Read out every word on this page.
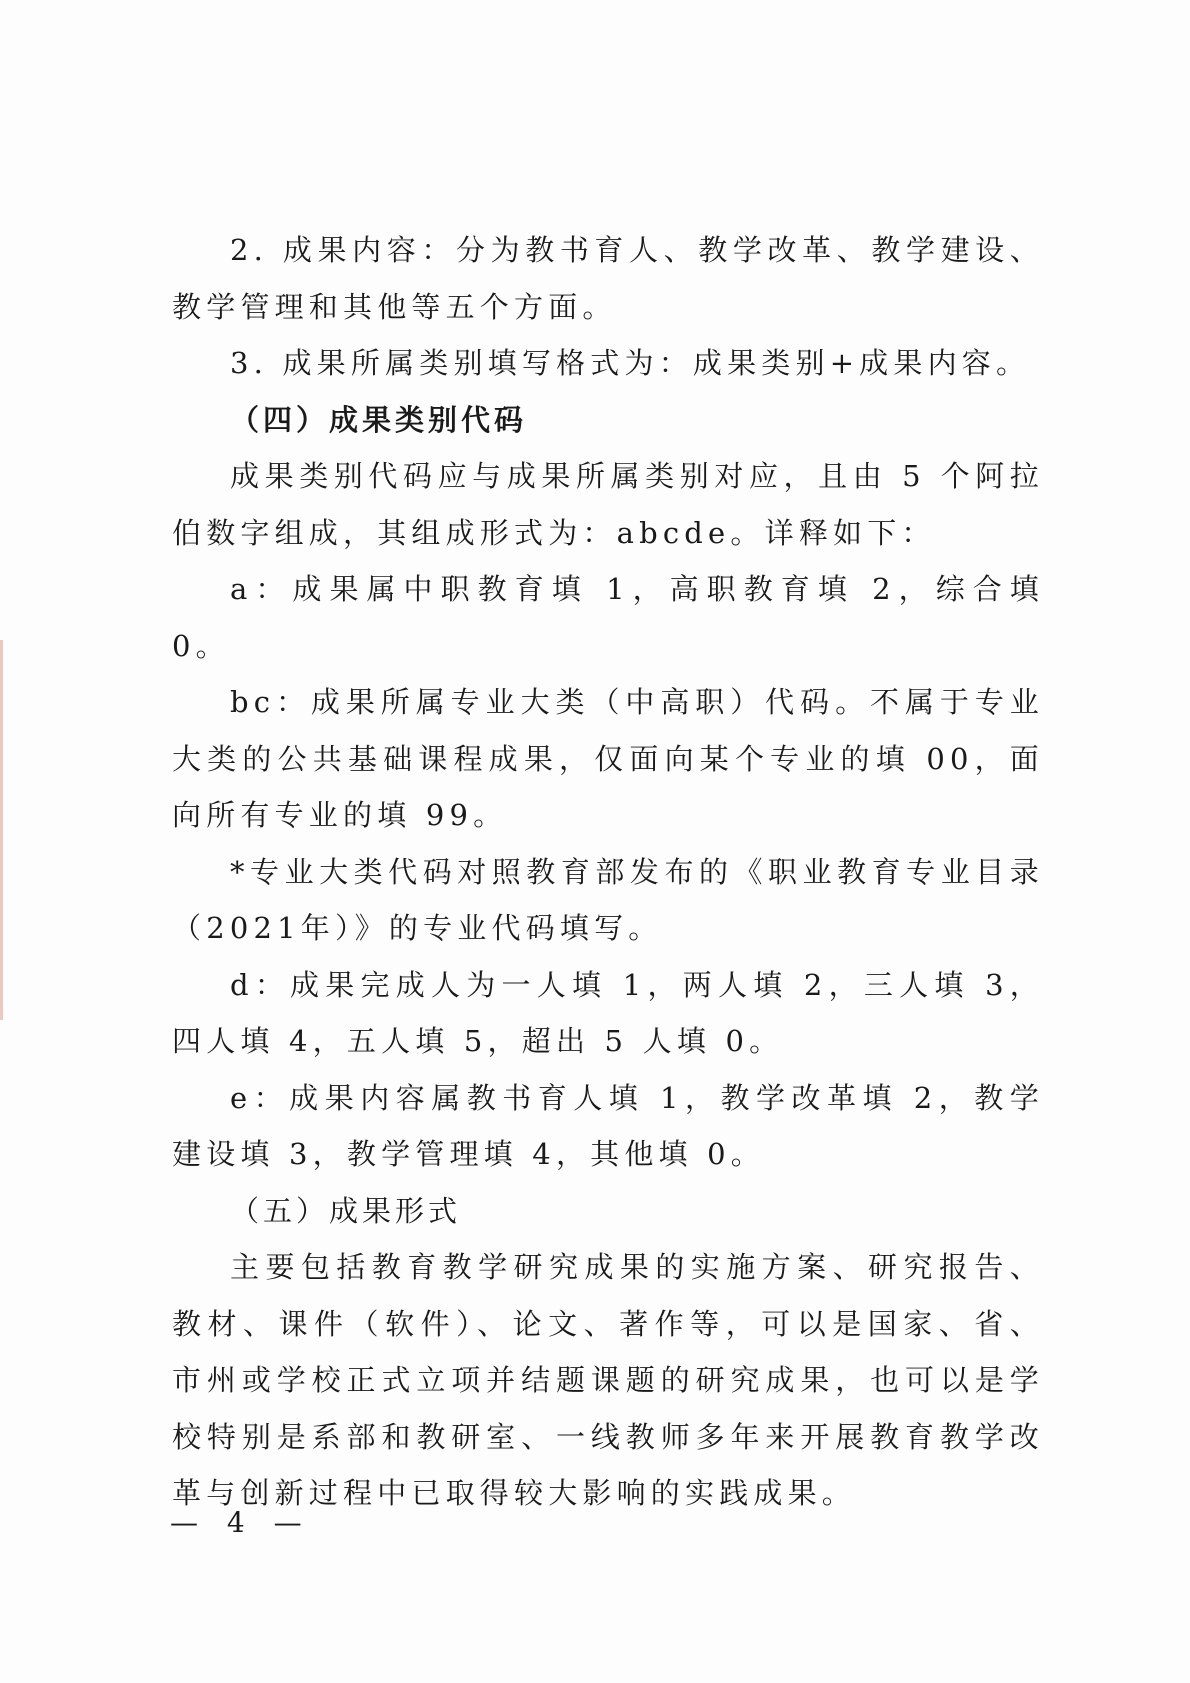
2. 成果内容：分为教书育人、教学改革、教学建设、教学管理和其他等五个方面。

3. 成果所属类别填写格式为：成果类别+成果内容。

（四）成果类别代码

成果类别代码应与成果所属类别对应，且由 5 个阿拉伯数字组成，其组成形式为：abcde。详释如下：

a：成果属中职教育填 1，高职教育填 2，综合填 0。

bc：成果所属专业大类（中高职）代码。不属于专业大类的公共基础课程成果，仅面向某个专业的填 00，面向所有专业的填 99。

*专业大类代码对照教育部发布的《职业教育专业目录（2021年）》的专业代码填写。

d：成果完成人为一人填 1，两人填 2，三人填 3，四人填 4，五人填 5，超出 5 人填 0。

e：成果内容属教书育人填 1，教学改革填 2，教学建设填 3，教学管理填 4，其他填 0。

（五）成果形式

主要包括教育教学研究成果的实施方案、研究报告、教材、课件（软件）、论文、著作等，可以是国家、省、市州或学校正式立项并结题课题的研究成果，也可以是学校特别是系部和教研室、一线教师多年来开展教育教学改革与创新过程中已取得较大影响的实践成果。

— 4 —
